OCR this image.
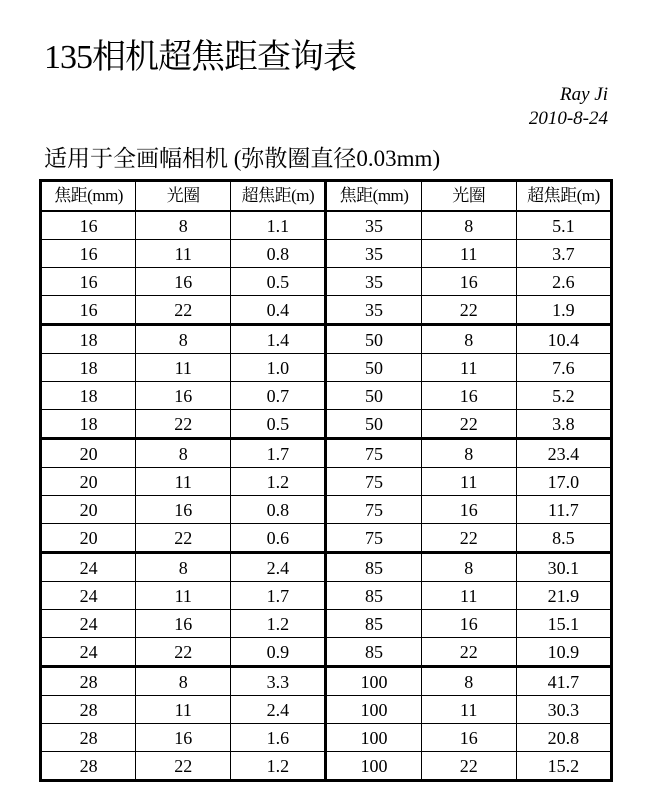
135相机超焦距查询表
Ray Ji
2010-8-24
适用于全画幅相机 (弥散圈直径0.03mm)
焦距(mm)	光圈	超焦距(m)	焦距(mm)	光圈	超焦距(m)
16	8	1.1	35	8	5.1
16	11	0.8	35	11	3.7
16	16	0.5	35	16	2.6
16	22	0.4	35	22	1.9
18	8	1.4	50	8	10.4
18	11	1.0	50	11	7.6
18	16	0.7	50	16	5.2
18	22	0.5	50	22	3.8
20	8	1.7	75	8	23.4
20	11	1.2	75	11	17.0
20	16	0.8	75	16	11.7
20	22	0.6	75	22	8.5
24	8	2.4	85	8	30.1
24	11	1.7	85	11	21.9
24	16	1.2	85	16	15.1
24	22	0.9	85	22	10.9
28	8	3.3	100	8	41.7
28	11	2.4	100	11	30.3
28	16	1.6	100	16	20.8
28	22	1.2	100	22	15.2
